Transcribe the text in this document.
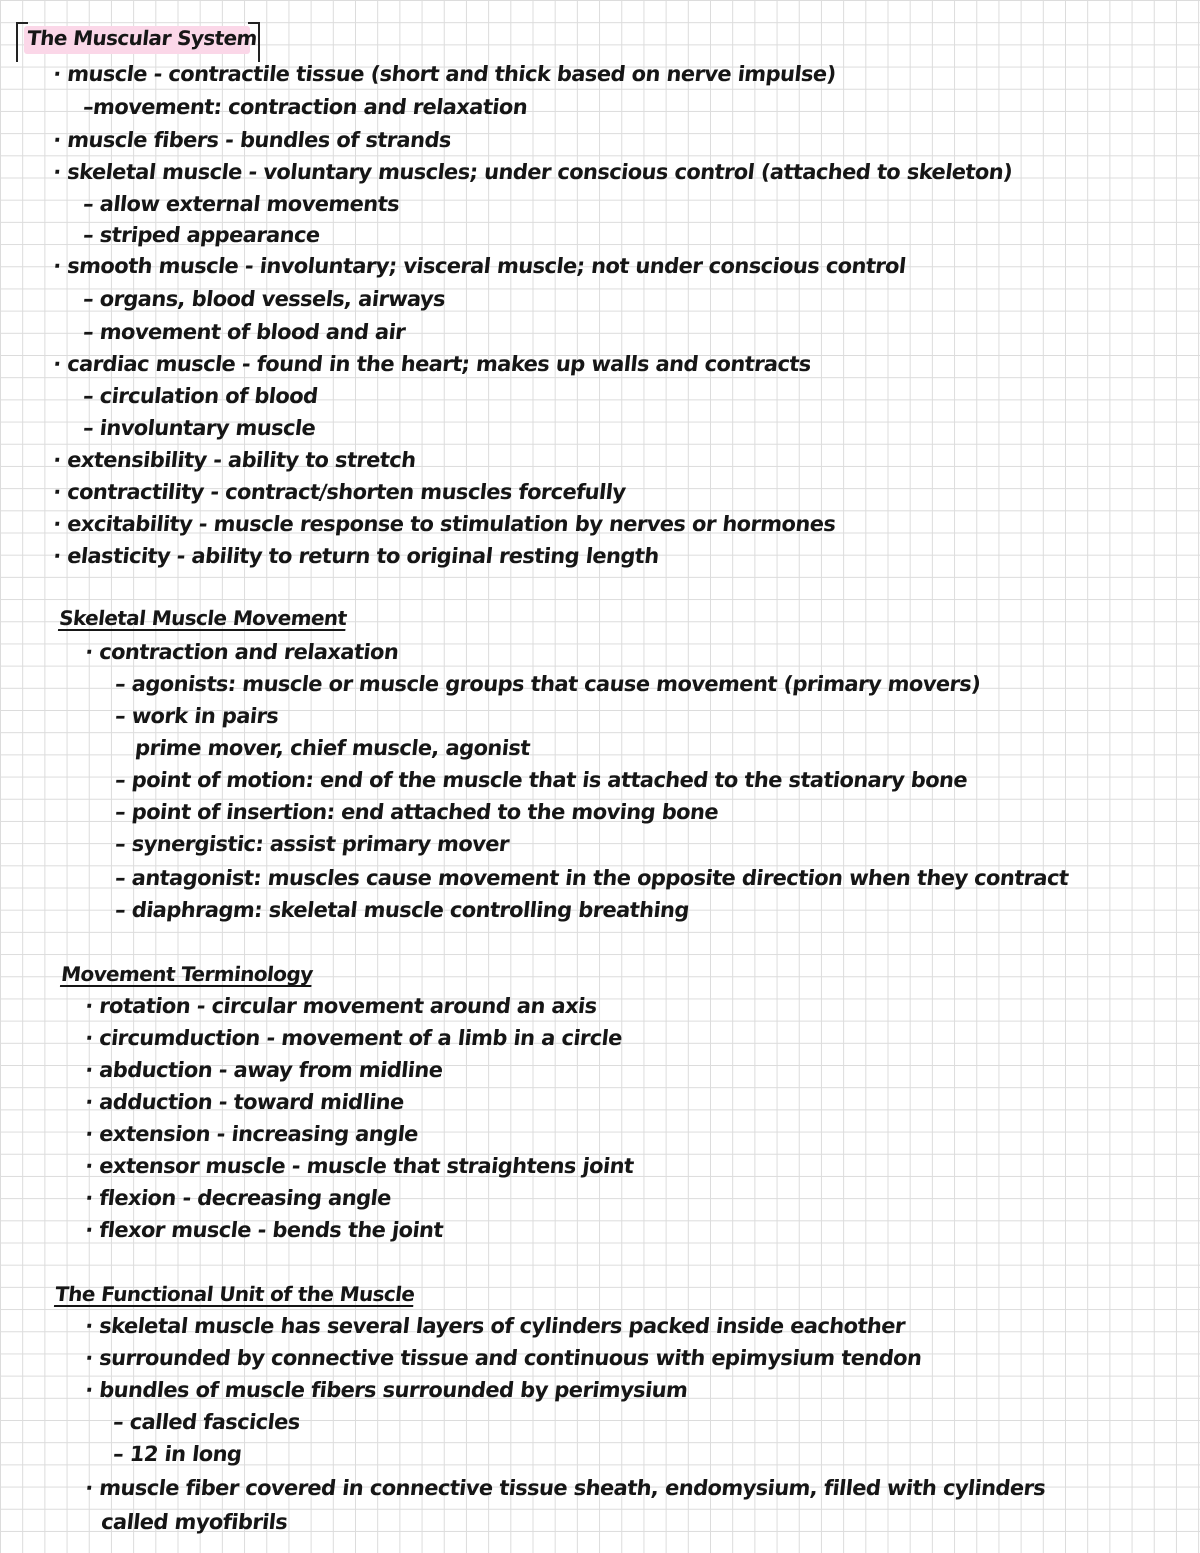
The Muscular System
· muscle - contractile tissue (short and thick based on nerve impulse)
–movement: contraction and relaxation
· muscle fibers - bundles of strands
· skeletal muscle - voluntary muscles; under conscious control (attached to skeleton)
– allow external movements
– striped appearance
· smooth muscle - involuntary; visceral muscle; not under conscious control
– organs, blood vessels, airways
– movement of blood and air
· cardiac muscle - found in the heart; makes up walls and contracts
– circulation of blood
– involuntary muscle
· extensibility - ability to stretch
· contractility - contract/shorten muscles forcefully
· excitability - muscle response to stimulation by nerves or hormones
· elasticity - ability to return to original resting length
Skeletal Muscle Movement
· contraction and relaxation
– agonists: muscle or muscle groups that cause movement (primary movers)
– work in pairs
prime mover, chief muscle, agonist
– point of motion: end of the muscle that is attached to the stationary bone
– point of insertion: end attached to the moving bone
– synergistic: assist primary mover
– antagonist: muscles cause movement in the opposite direction when they contract
– diaphragm: skeletal muscle controlling breathing
Movement Terminology
· rotation - circular movement around an axis
· circumduction - movement of a limb in a circle
· abduction - away from midline
· adduction - toward midline
· extension - increasing angle
· extensor muscle - muscle that straightens joint
· flexion - decreasing angle
· flexor muscle - bends the joint
The Functional Unit of the Muscle
· skeletal muscle has several layers of cylinders packed inside eachother
· surrounded by connective tissue and continuous with epimysium tendon
· bundles of muscle fibers surrounded by perimysium
– called fascicles
– 12 in long
· muscle fiber covered in connective tissue sheath, endomysium, filled with cylinders
called myofibrils
